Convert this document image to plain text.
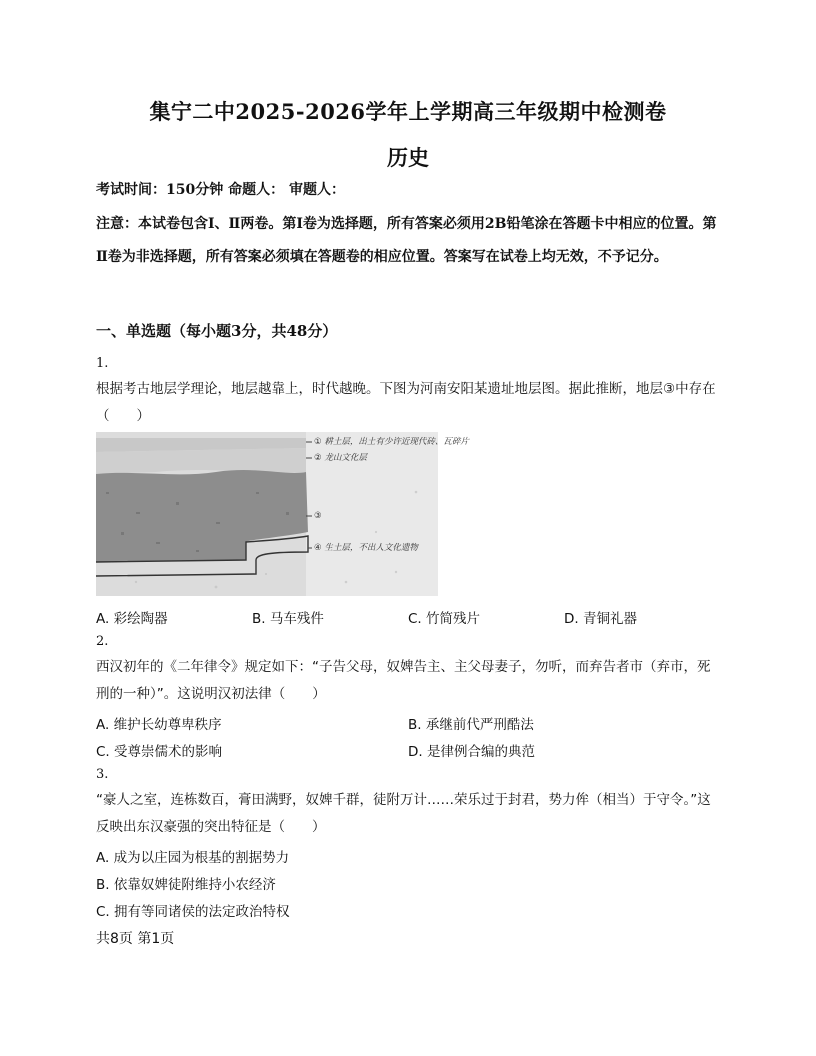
集宁二中2025-2026学年上学期高三年级期中检测卷
历史
考试时间：150分钟 命题人： 审题人：
注意：本试卷包含Ⅰ、Ⅱ两卷。第Ⅰ卷为选择题，所有答案必须用2B铅笔涂在答题卡中相应的位置。第Ⅱ卷为非选择题，所有答案必须填在答题卷的相应位置。答案写在试卷上均无效，不予记分。
一、单选题（每小题3分，共48分）
1.
根据考古地层学理论，地层越靠上，时代越晚。下图为河南安阳某遗址地层图。据此推断，地层③中存在（　　）
① 耕土层，出土有少许近现代砖、瓦碎片
② 龙山文化层
③
④ 生土层，不出人文化遗物
A. 彩绘陶器	B. 马车残件	C. 竹简残片	D. 青铜礼器
2.
西汉初年的《二年律令》规定如下：“子告父母，奴婢告主、主父母妻子，勿听，而弃告者市（弃市，死刑的一种）”。这说明汉初法律（　　）
A. 维护长幼尊卑秩序	B. 承继前代严刑酷法
C. 受尊崇儒术的影响	D. 是律例合编的典范
3.
“豪人之室，连栋数百，膏田满野，奴婢千群，徒附万计……荣乐过于封君，势力侔（相当）于守令。”这反映出东汉豪强的突出特征是（　　）
A. 成为以庄园为根基的割据势力
B. 依靠奴婢徒附维持小农经济
C. 拥有等同诸侯的法定政治特权
共8页 第1页
